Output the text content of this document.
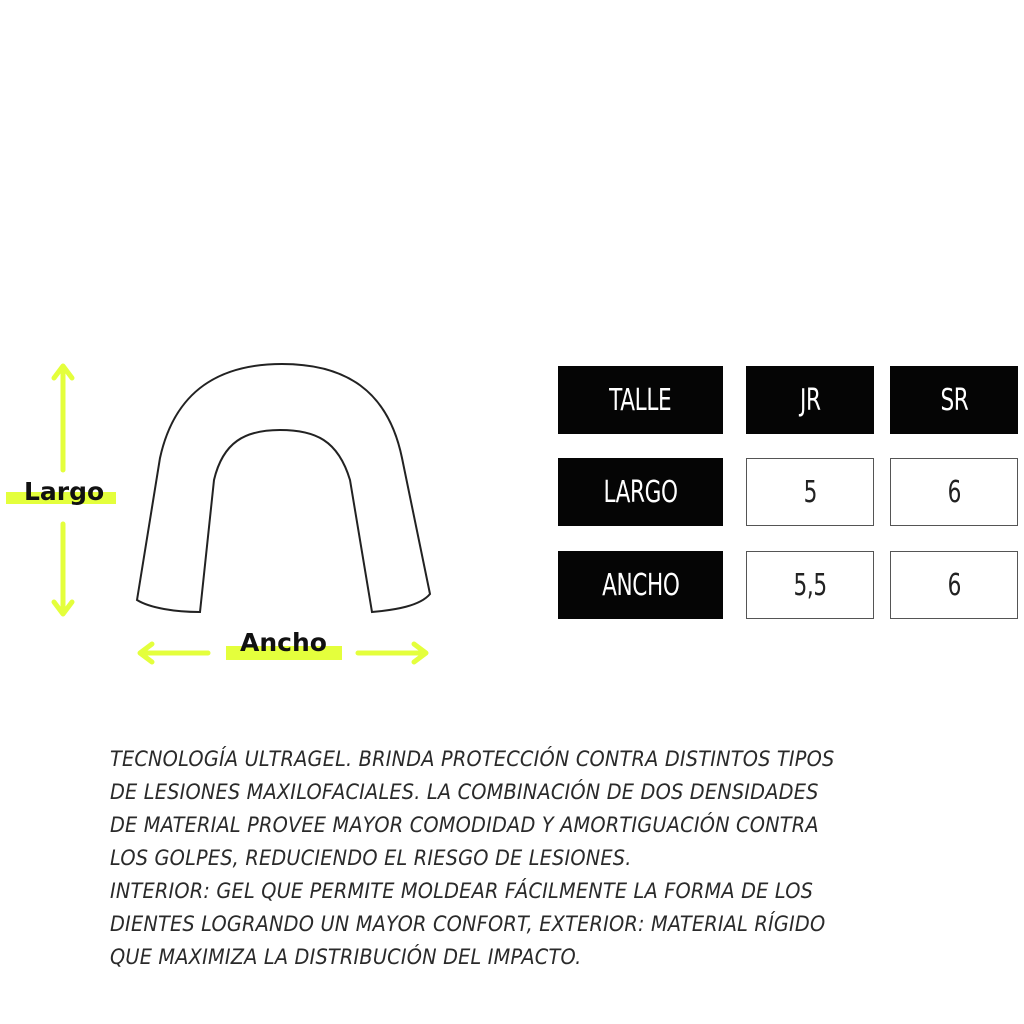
Largo
Ancho
TALLE	JR	SR
LARGO	5	6
ANCHO	5,5	6
TECNOLOGÍA ULTRAGEL. BRINDA PROTECCIÓN CONTRA DISTINTOS TIPOS
DE LESIONES MAXILOFACIALES. LA COMBINACIÓN DE DOS DENSIDADES
DE MATERIAL PROVEE MAYOR COMODIDAD Y AMORTIGUACIÓN CONTRA
LOS GOLPES, REDUCIENDO EL RIESGO DE LESIONES.
INTERIOR: GEL QUE PERMITE MOLDEAR FÁCILMENTE LA FORMA DE LOS
DIENTES LOGRANDO UN MAYOR CONFORT, EXTERIOR: MATERIAL RÍGIDO
QUE MAXIMIZA LA DISTRIBUCIÓN DEL IMPACTO.
